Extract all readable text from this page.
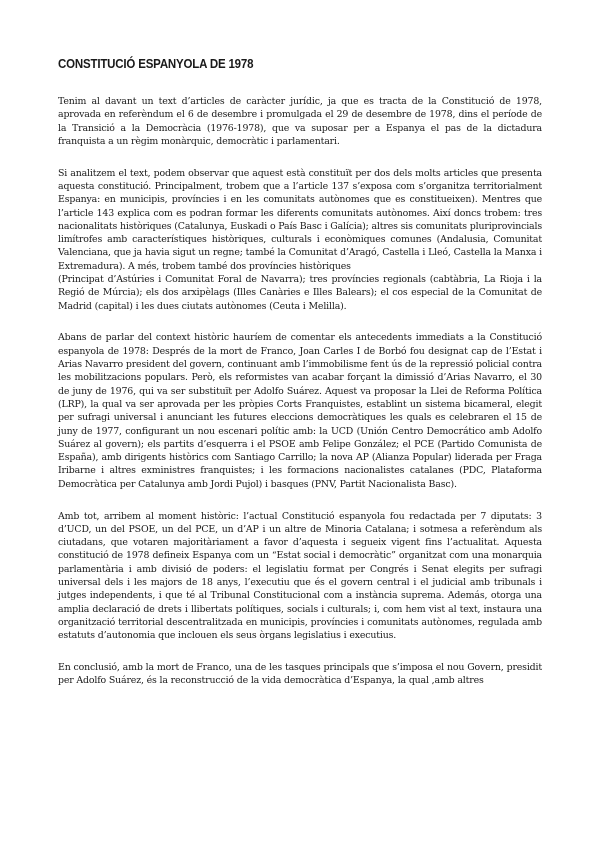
CONSTITUCIÓ ESPANYOLA DE 1978

Tenim al davant un text d’articles de caràcter jurídic, ja que es tracta de la Constitució de 1978, aprovada en referèndum el 6 de desembre i promulgada el 29 de desembre de 1978, dins el període de la Transició a la Democràcia (1976-1978), que va suposar per a Espanya el pas de la dictadura franquista a un règim monàrquic, democràtic i parlamentari.

Si analitzem el text, podem observar que aquest està constituït per dos dels molts articles que presenta aquesta constitució. Principalment, trobem que a l’article 137 s’exposa com s’organitza territorialment Espanya: en municipis, províncies i en les comunitats autònomes que es constitueixen). Mentres que l’article 143 explica com es podran formar les diferents comunitats autònomes. Així doncs trobem: tres nacionalitats històriques (Catalunya, Euskadi o País Basc i Galícia); altres sis comunitats pluriprovincials limítrofes amb característiques històriques, culturals i econòmiques comunes (Andalusia, Comunitat Valenciana, que ja havia sigut un regne; també la Comunitat d’Aragó, Castella i Lleó, Castella la Manxa i Extremadura). A més, trobem també dos províncies històriques

(Principat d’Astúries i Comunitat Foral de Navarra); tres províncies regionals (cabtàbria, La Rioja i la Regió de Múrcia); els dos arxipèlags (Illes Canàries e Illes Balears); el cos especial de la Comunitat de Madrid (capital) i les dues ciutats autònomes (Ceuta i Melilla).

Abans de parlar del context històric hauríem de comentar els antecedents immediats a la Constitució espanyola de 1978: Després de la mort de Franco, Joan Carles I de Borbó fou designat cap de l’Estat i Arias Navarro president del govern, continuant amb l’immobilisme fent ús de la repressió policial contra les mobilitzacions populars. Però, els reformistes van acabar forçant la dimissió d’Arias Navarro, el 30 de juny de 1976, qui va ser substituït per Adolfo Suárez. Aquest va proposar la Llei de Reforma Política (LRP), la qual va ser aprovada per les pròpies Corts Franquistes, establint un sistema bicameral, elegit per sufragi universal i anunciant les futures eleccions democràtiques les quals es celebraren el 15 de juny de 1977, configurant un nou escenari polític amb: la UCD (Unión Centro Democrático amb Adolfo Suárez al govern); els partits d’esquerra i el PSOE amb Felipe González; el PCE (Partido Comunista de España), amb dirigents històrics com Santiago Carrillo; la nova AP (Alianza Popular) liderada per Fraga Iribarne i altres exministres franquistes; i les formacions nacionalistes catalanes (PDC, Plataforma Democràtica per Catalunya amb Jordi Pujol) i basques (PNV, Partit Nacionalista Basc).

Amb tot, arribem al moment històric: l’actual Constitució espanyola fou redactada per 7 diputats: 3 d’UCD, un del PSOE, un del PCE, un d’AP i un altre de Minoria Catalana; i sotmesa a referèndum als ciutadans, que votaren majoritàriament a favor d’aquesta i segueix vigent fins l’actualitat. Aquesta constitució de 1978 defineix Espanya com un “Estat social i democràtic” organitzat com una monarquia parlamentària i amb divisió de poders: el legislatiu format per Congrés i Senat elegits per sufragi universal dels i les majors de 18 anys, l’executiu que és el govern central i el judicial amb tribunals i jutges independents, i que té al Tribunal Constitucional com a instància suprema. Además, otorga una amplia declaració de drets i llibertats polítiques, socials i culturals; i, com hem vist al text, instaura una organització territorial descentralitzada en municipis, províncies i comunitats autònomes, regulada amb estatuts d’autonomia que inclouen els seus òrgans legislatius i executius.

En conclusió, amb la mort de Franco, una de les tasques principals que s’imposa el nou Govern, presidit per Adolfo Suárez, és la reconstrucció de la vida democràtica d’Espanya, la qual ,amb altres
